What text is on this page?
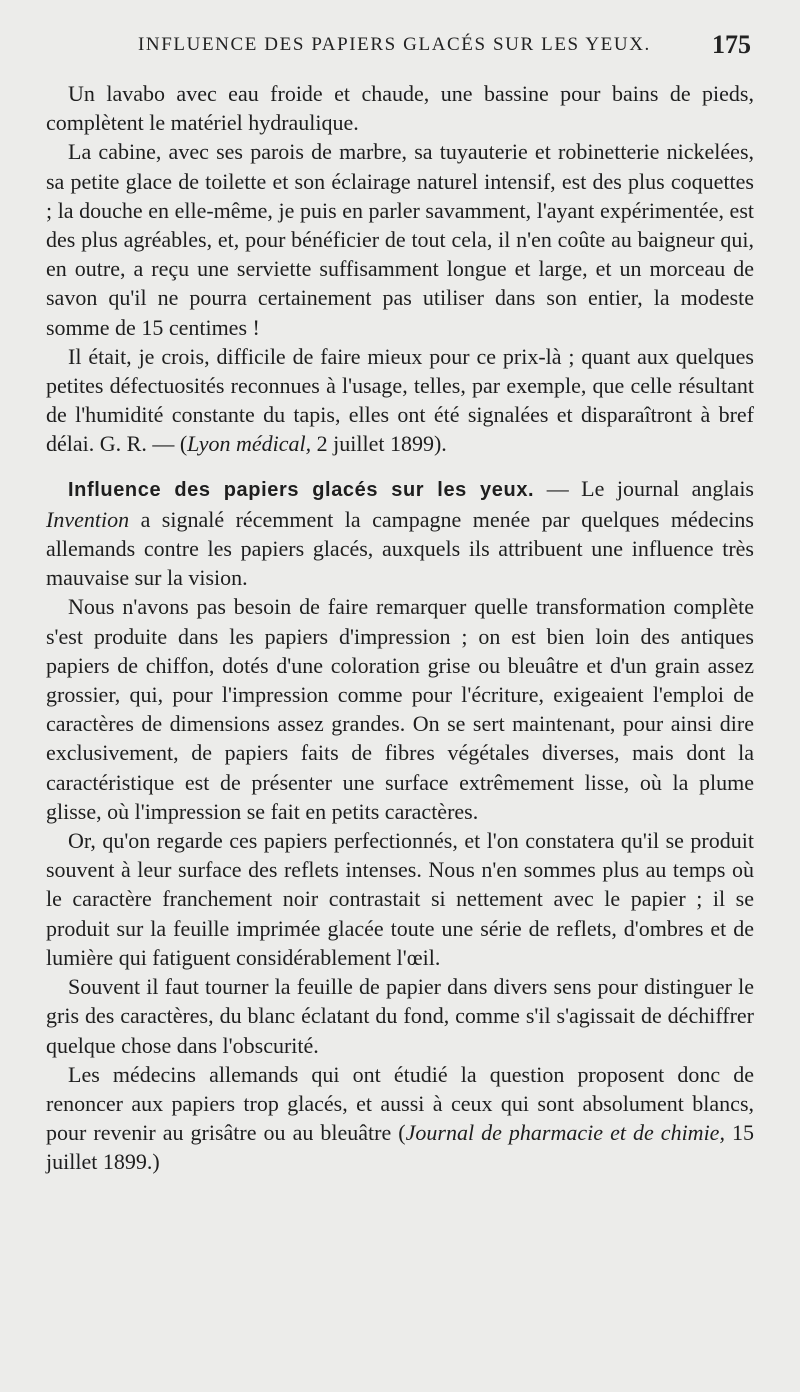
INFLUENCE DES PAPIERS GLACÉS SUR LES YEUX. 175

Un lavabo avec eau froide et chaude, une bassine pour bains de pieds, complètent le matériel hydraulique.

La cabine, avec ses parois de marbre, sa tuyauterie et robinetterie nickelées, sa petite glace de toilette et son éclairage naturel intensif, est des plus coquettes ; la douche en elle-même, je puis en parler savamment, l'ayant expérimentée, est des plus agréables, et, pour bénéficier de tout cela, il n'en coûte au baigneur qui, en outre, a reçu une serviette suffisamment longue et large, et un morceau de savon qu'il ne pourra certainement pas utiliser dans son entier, la modeste somme de 15 centimes !

Il était, je crois, difficile de faire mieux pour ce prix-là ; quant aux quelques petites défectuosités reconnues à l'usage, telles, par exemple, que celle résultant de l'humidité constante du tapis, elles ont été signalées et disparaîtront à bref délai. G. R. — (Lyon médical, 2 juillet 1899).

Influence des papiers glacés sur les yeux. — Le journal anglais Invention a signalé récemment la campagne menée par quelques médecins allemands contre les papiers glacés, auxquels ils attribuent une influence très mauvaise sur la vision.

Nous n'avons pas besoin de faire remarquer quelle transformation complète s'est produite dans les papiers d'impression ; on est bien loin des antiques papiers de chiffon, dotés d'une coloration grise ou bleuâtre et d'un grain assez grossier, qui, pour l'impression comme pour l'écriture, exigeaient l'emploi de caractères de dimensions assez grandes. On se sert maintenant, pour ainsi dire exclusivement, de papiers faits de fibres végétales diverses, mais dont la caractéristique est de présenter une surface extrêmement lisse, où la plume glisse, où l'impression se fait en petits caractères.

Or, qu'on regarde ces papiers perfectionnés, et l'on constatera qu'il se produit souvent à leur surface des reflets intenses. Nous n'en sommes plus au temps où le caractère franchement noir contrastait si nettement avec le papier ; il se produit sur la feuille imprimée glacée toute une série de reflets, d'ombres et de lumière qui fatiguent considérablement l'œil.

Souvent il faut tourner la feuille de papier dans divers sens pour distinguer le gris des caractères, du blanc éclatant du fond, comme s'il s'agissait de déchiffrer quelque chose dans l'obscurité.

Les médecins allemands qui ont étudié la question proposent donc de renoncer aux papiers trop glacés, et aussi à ceux qui sont absolument blancs, pour revenir au grisâtre ou au bleuâtre (Journal de pharmacie et de chimie, 15 juillet 1899.)
